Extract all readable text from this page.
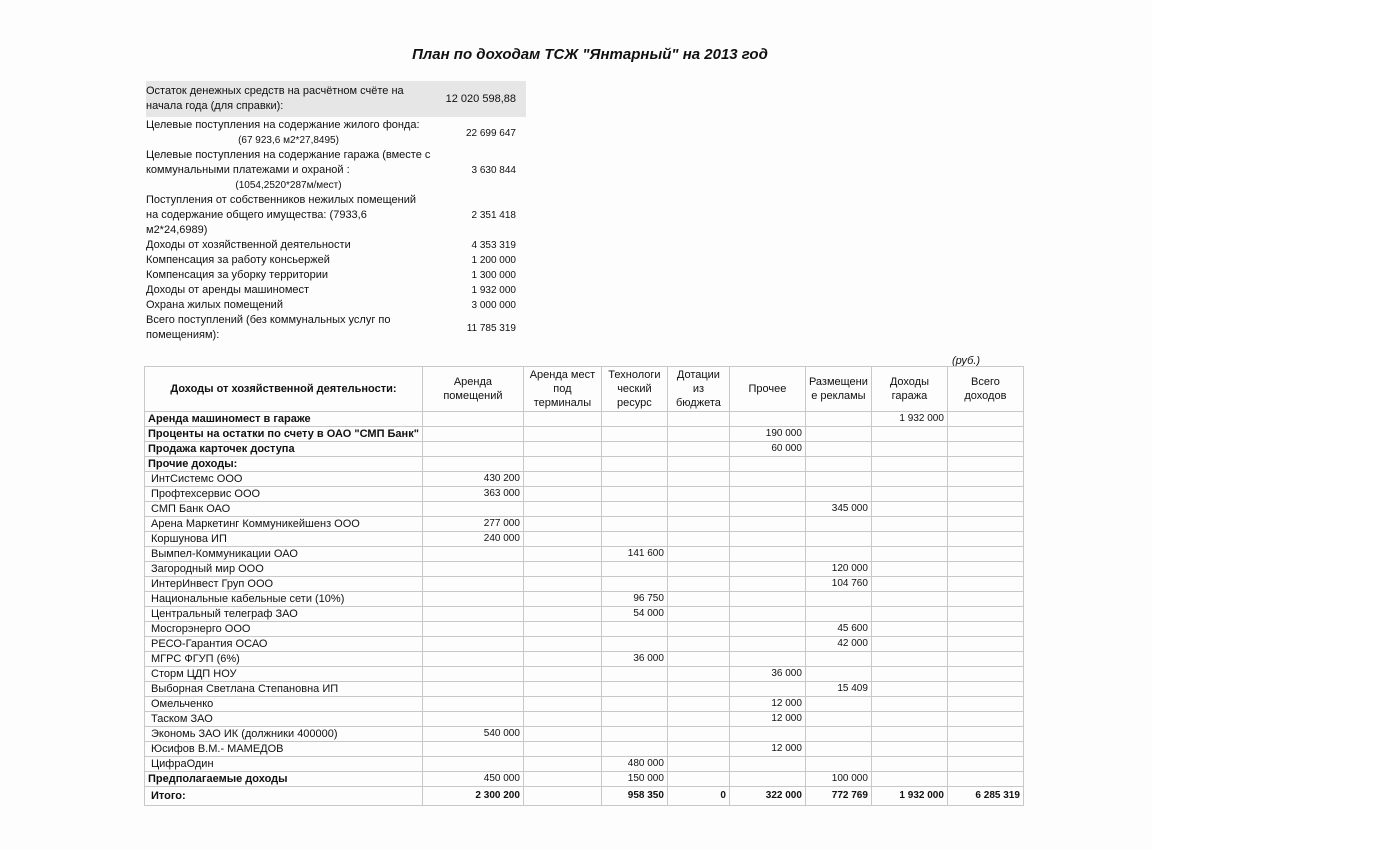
План по доходам ТСЖ "Янтарный" на 2013 год
Остаток денежных средств на расчётном счёте на начала года (для справки):
12 020 598,88
Целевые поступления на содержание жилого фонда:
(67 923,6 м2*27,8495)
22 699 647
Целевые поступления на содержание гаража (вместе с коммунальными платежами и охраной :
(1054,2520*287м/мест)
3 630 844
Поступления от собственников нежилых помещений на содержание общего имущества: (7933,6 м2*24,6989)
2 351 418
Доходы от хозяйственной деятельности	4 353 319
Компенсация за работу консьержей	1 200 000
Компенсация за уборку территории	1 300 000
Доходы от аренды машиномест	1 932 000
Охрана жилых помещений	3 000 000
Всего поступлений (без коммунальных услуг по помещениям):
11 785 319
(руб.)
Доходы от хозяйственной деятельности:	Аренда помещений	Аренда мест под терминалы	Технологи ческий ресурс	Дотации из бюджета	Прочее	Размещени е рекламы	Доходы гаража	Всего доходов
Аренда машиномест в гараже							1 932 000	
Проценты на остатки по счету в ОАО "СМП Банк"					190 000			
Продажа карточек доступа					60 000			
Прочие доходы:								
ИнтСистемс ООО	430 200							
Профтехсервис ООО	363 000							
СМП Банк ОАО						345 000		
Арена Маркетинг Коммуникейшенз ООО	277 000							
Коршунова ИП	240 000							
Вымпел-Коммуникации ОАО			141 600					
Загородный мир ООО						120 000		
ИнтерИнвест Груп ООО						104 760		
Национальные кабельные сети (10%)			96 750					
Центральный телеграф ЗАО			54 000					
Мосгорэнерго ООО						45 600		
РЕСО-Гарантия ОСАО						42 000		
МГРС ФГУП (6%)			36 000					
Сторм ЦДП НОУ					36 000			
Выборная Светлана Степановна ИП						15 409		
Омельченко					12 000			
Таском ЗАО					12 000			
Экономь ЗАО ИК (должники 400000)	540 000							
Юсифов В.М.- МАМЕДОВ					12 000			
ЦифраОдин			480 000					
Предполагаемые доходы	450 000		150 000			100 000		
Итого:	2 300 200		958 350	0	322 000	772 769	1 932 000	6 285 319
